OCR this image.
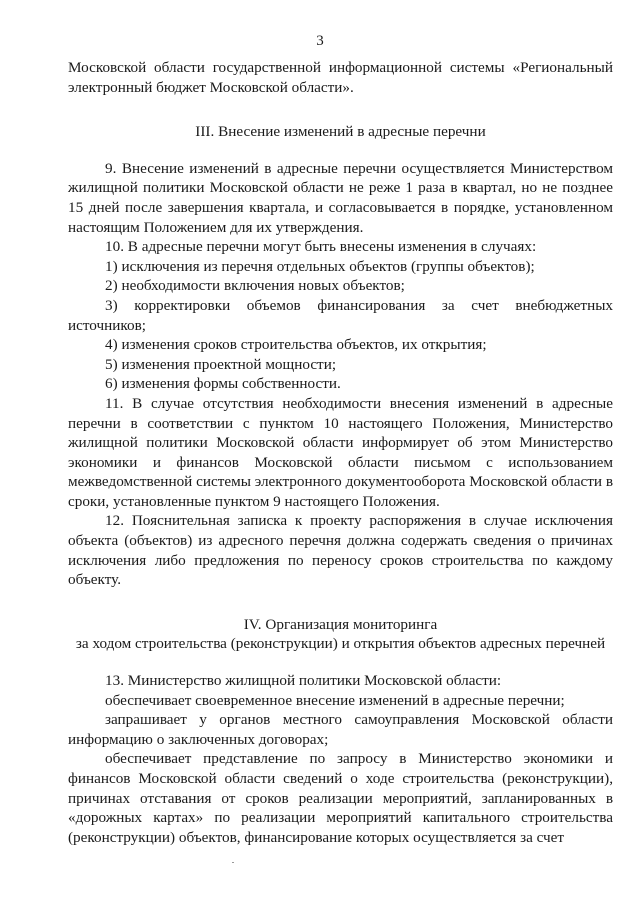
3

Московской области государственной информационной системы «Региональный электронный бюджет Московской области».

III. Внесение изменений в адресные перечни

9. Внесение изменений в адресные перечни осуществляется Министерством жилищной политики Московской области не реже 1 раза в квартал, но не позднее 15 дней после завершения квартала, и согласовывается в порядке, установленном настоящим Положением для их утверждения.

10. В адресные перечни могут быть внесены изменения в случаях:

1) исключения из перечня отдельных объектов (группы объектов);

2) необходимости включения новых объектов;

3) корректировки объемов финансирования за счет внебюджетных источников;

4) изменения сроков строительства объектов, их открытия;

5) изменения проектной мощности;

6) изменения формы собственности.

11. В случае отсутствия необходимости внесения изменений в адресные перечни в соответствии с пунктом 10 настоящего Положения, Министерство жилищной политики Московской области информирует об этом Министерство экономики и финансов Московской области письмом с использованием межведомственной системы электронного документооборота Московской области в сроки, установленные пунктом 9 настоящего Положения.

12. Пояснительная записка к проекту распоряжения в случае исключения объекта (объектов) из адресного перечня должна содержать сведения о причинах исключения либо предложения по переносу сроков строительства по каждому объекту.

IV. Организация мониторинга

за ходом строительства (реконструкции) и открытия объектов адресных перечней

13. Министерство жилищной политики Московской области:

обеспечивает своевременное внесение изменений в адресные перечни;

запрашивает у органов местного самоуправления Московской области информацию о заключенных договорах;

обеспечивает представление по запросу в Министерство экономики и финансов Московской области сведений о ходе строительства (реконструкции), причинах отставания от сроков реализации мероприятий, запланированных в «дорожных картах» по реализации мероприятий капитального строительства (реконструкции) объектов, финансирование которых осуществляется за счет
